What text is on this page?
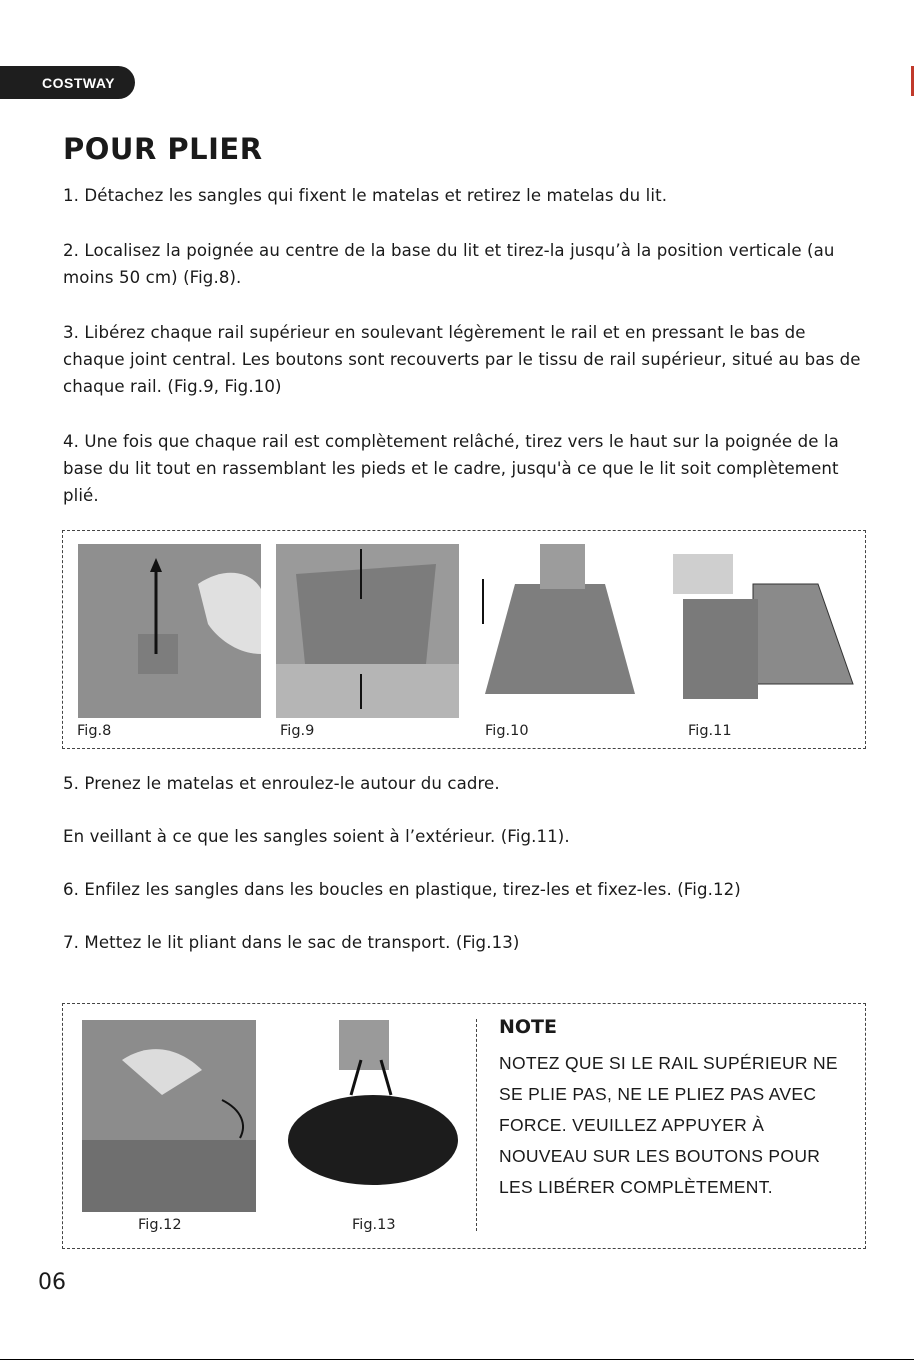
COSTWAY
POUR PLIER

1. Détachez les sangles qui fixent le matelas et retirez le matelas du lit.

2. Localisez la poignée au centre de la base du lit et tirez-la jusqu’à la position verticale (au moins 50 cm) (Fig.8).

3. Libérez chaque rail supérieur en soulevant légèrement le rail et en pressant le bas de chaque joint central. Les boutons sont recouverts par le tissu de rail supérieur, situé au bas de chaque rail. (Fig.9, Fig.10)

4. Une fois que chaque rail est complètement relâché, tirez vers le haut sur la poignée de la base du lit tout en rassemblant les pieds et le cadre, jusqu'à ce que le lit soit complètement plié.

Fig.8	Fig.9	Fig.10	Fig.11

5. Prenez le matelas et enroulez-le autour du cadre.

En veillant à ce que les sangles soient à l’extérieur. (Fig.11).

6. Enfilez les sangles dans les boucles en plastique, tirez-les et fixez-les. (Fig.12)

7. Mettez le lit pliant dans le sac de transport. (Fig.13)

Fig.12	Fig.13
NOTE

NOTEZ QUE SI LE RAIL SUPÉRIEUR NE SE PLIE PAS, NE LE PLIEZ PAS AVEC FORCE. VEUILLEZ APPUYER À NOUVEAU SUR LES BOUTONS POUR LES LIBÉRER COMPLÈTEMENT.

06
